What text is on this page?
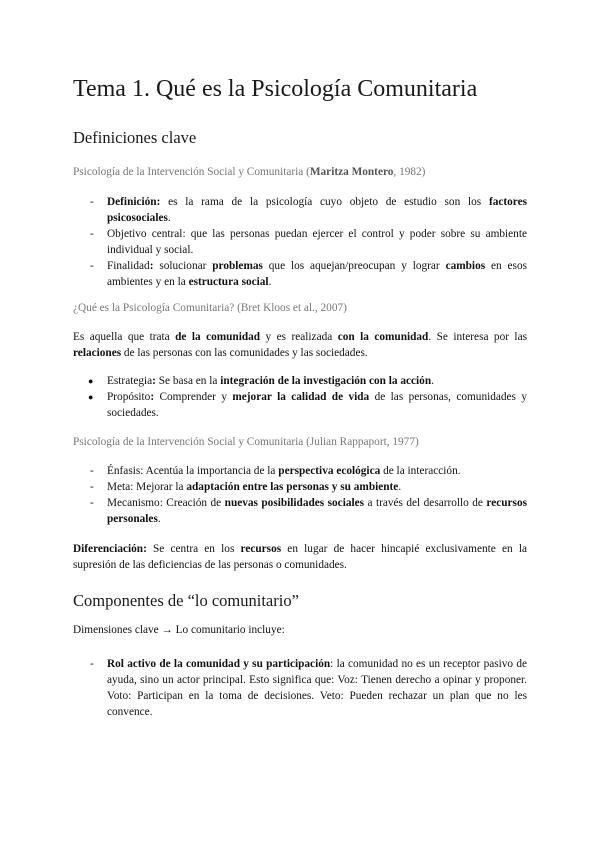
Tema 1. Qué es la Psicología Comunitaria
Definiciones clave
Psicología de la Intervención Social y Comunitaria (Maritza Montero, 1982)
- Definición: es la rama de la psicología cuyo objeto de estudio son los factores psicosociales.
- Objetivo central: que las personas puedan ejercer el control y poder sobre su ambiente individual y social.
- Finalidad: solucionar problemas que los aquejan/preocupan y lograr cambios en esos ambientes y en la estructura social.
¿Qué es la Psicología Comunitaria? (Bret Kloos et al., 2007)

Es aquella que trata de la comunidad y es realizada con la comunidad. Se interesa por las relaciones de las personas con las comunidades y las sociedades.

● Estrategia: Se basa en la integración de la investigación con la acción.
● Propósito: Comprender y mejorar la calidad de vida de las personas, comunidades y sociedades.
Psicología de la Intervención Social y Comunitaria (Julian Rappaport, 1977)
- Énfasis: Acentúa la importancia de la perspectiva ecológica de la interacción.
- Meta: Mejorar la adaptación entre las personas y su ambiente.
- Mecanismo: Creación de nuevas posibilidades sociales a través del desarrollo de recursos personales.

Diferenciación: Se centra en los recursos en lugar de hacer hincapié exclusivamente en la supresión de las deficiencias de las personas o comunidades.

Componentes de “lo comunitario”

Dimensiones clave → Lo comunitario incluye:

- Rol activo de la comunidad y su participación: la comunidad no es un receptor pasivo de ayuda, sino un actor principal. Esto significa que: Voz: Tienen derecho a opinar y proponer. Voto: Participan en la toma de decisiones. Veto: Pueden rechazar un plan que no les convence.
